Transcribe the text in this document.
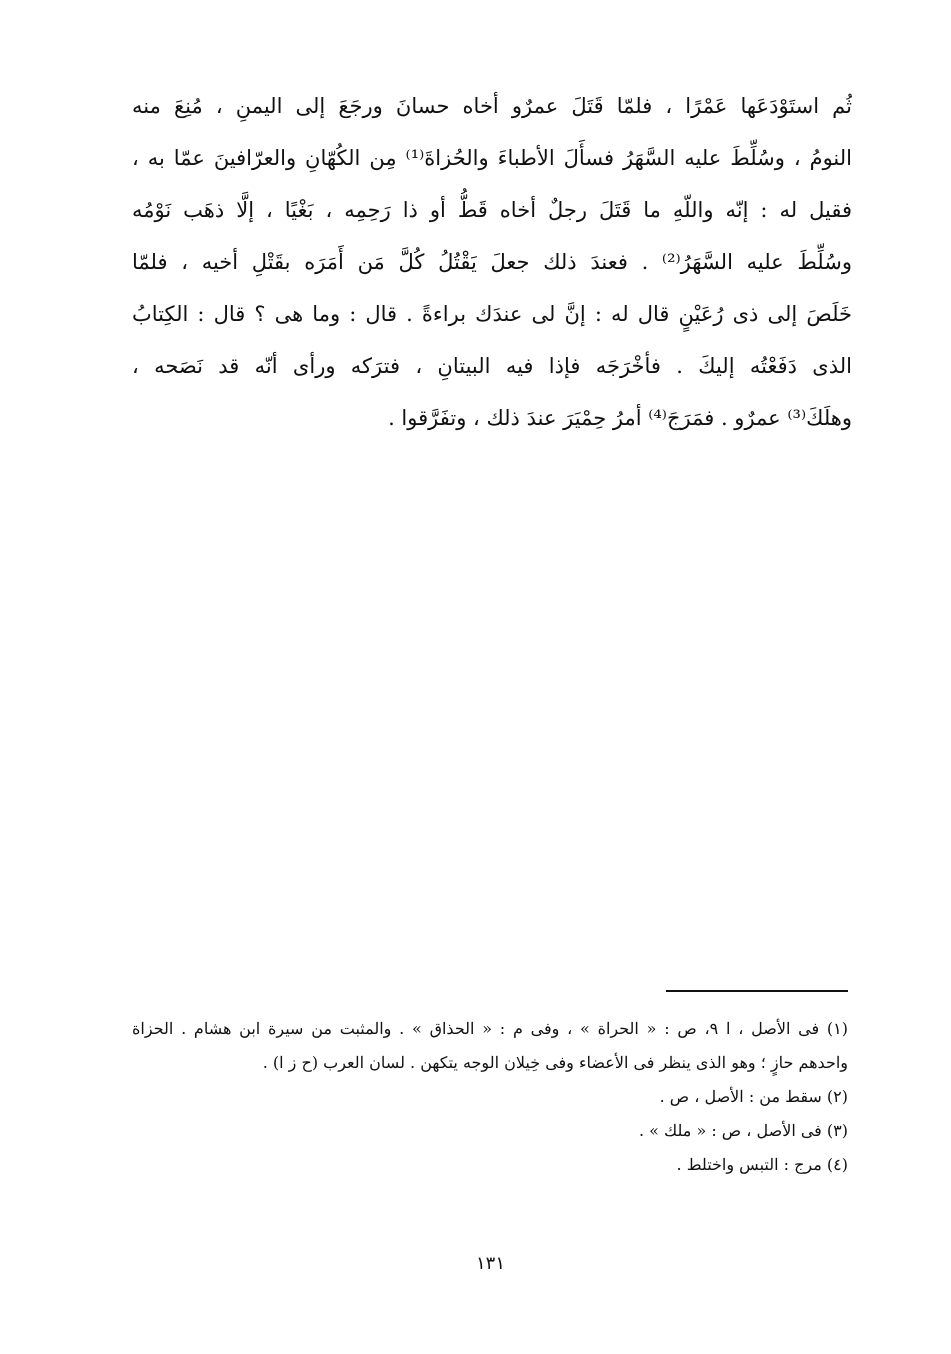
ثُم استَوْدَعَها عَمْرًا ، فلمّا قَتَلَ عمرٌو أخاه حسانَ ورجَعَ إلى اليمنِ ، مُنِعَ منه
النومُ ، وسُلِّطَ عليه السَّهَرُ فسأَلَ الأطباءَ والحُزاةَ⁽¹⁾ مِن الكُهّانِ والعرّافينَ عمّا به ،
فقيل له : إنّه واللّهِ ما قَتَلَ رجلٌ أخاه قَطُّ أو ذا رَحِمِه ، بَغْيًا ، إلَّا ذهَب نَوْمُه
وسُلِّطَ عليه السَّهَرُ⁽²⁾ . فعندَ ذلك جعلَ يَقْتُلُ كُلَّ مَن أَمَرَه بقَتْلِ أخيه ، فلمّا
خَلَصَ إلى ذى رُعَيْنٍ قال له : إنَّ لى عندَك براءةً . قال : وما هى ؟ قال : الكِتابُ
الذى دَفَعْتُه إليكَ . فأخْرَجَه فإذا فيه البيتانِ ، فترَكه ورأى أنّه قد نَصَحه ،
وهلَكَ⁽³⁾ عمرٌو . فمَرَجَ⁽⁴⁾ أمرُ حِمْيَرَ عندَ ذلك ، وتفَرَّقوا .
(١) فى الأصل ، ا ٩، ص : « الحراة » ، وفى م : « الحذاق » . والمثبت من سيرة ابن هشام . الحزاة
واحدهم حازٍ ؛ وهو الذى ينظر فى الأعضاء وفى خِيلان الوجه يتكهن . لسان العرب (ح ز ا) .
(٢) سقط من : الأصل ، ص .
(٣) فى الأصل ، ص : « ملك » .
(٤) مرج : التبس واختلط .
١٣١
